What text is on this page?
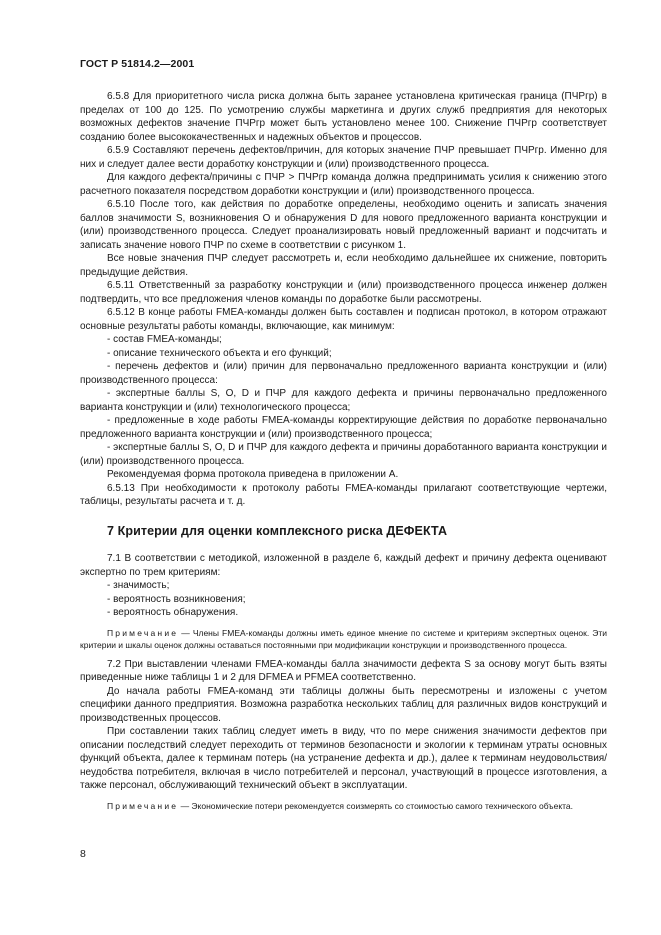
ГОСТ Р 51814.2—2001

6.5.8 Для приоритетного числа риска должна быть заранее установлена критическая граница (ПЧРгр) в пределах от 100 до 125. По усмотрению службы маркетинга и других служб предприятия для некоторых возможных дефектов значение ПЧРгр может быть установлено менее 100. Снижение ПЧРгр соответствует созданию более высококачественных и надежных объектов и процессов.

6.5.9 Составляют перечень дефектов/причин, для которых значение ПЧР превышает ПЧРгр. Именно для них и следует далее вести доработку конструкции и (или) производственного процесса.

Для каждого дефекта/причины с ПЧР > ПЧРгр команда должна предпринимать усилия к снижению этого расчетного показателя посредством доработки конструкции и (или) производственного процесса.

6.5.10 После того, как действия по доработке определены, необходимо оценить и записать значения баллов значимости S, возникновения O и обнаружения D для нового предложенного варианта конструкции и (или) производственного процесса. Следует проанализировать новый предложенный вариант и подсчитать и записать значение нового ПЧР по схеме в соответствии с рисунком 1.

Все новые значения ПЧР следует рассмотреть и, если необходимо дальнейшее их снижение, повторить предыдущие действия.

6.5.11 Ответственный за разработку конструкции и (или) производственного процесса инженер должен подтвердить, что все предложения членов команды по доработке были рассмотрены.

6.5.12 В конце работы FMEA-команды должен быть составлен и подписан протокол, в котором отражают основные результаты работы команды, включающие, как минимум:

- состав FMEA-команды;

- описание технического объекта и его функций;

- перечень дефектов и (или) причин для первоначально предложенного варианта конструкции и (или) производственного процесса:

- экспертные баллы S, O, D и ПЧР для каждого дефекта и причины первоначально предложенного варианта конструкции и (или) технологического процесса;

- предложенные в ходе работы FMEA-команды корректирующие действия по доработке первоначально предложенного варианта конструкции и (или) производственного процесса;

- экспертные баллы S, O, D и ПЧР для каждого дефекта и причины доработанного варианта конструкции и (или) производственного процесса.

Рекомендуемая форма протокола приведена в приложении А.

6.5.13 При необходимости к протоколу работы FMEA-команды прилагают соответствующие чертежи, таблицы, результаты расчета и т. д.

7 Критерии для оценки комплексного риска ДЕФЕКТА

7.1 В соответствии с методикой, изложенной в разделе 6, каждый дефект и причину дефекта оценивают экспертно по трем критериям:

- значимость;

- вероятность возникновения;

- вероятность обнаружения.

Примечание — Члены FMEA-команды должны иметь единое мнение по системе и критериям экспертных оценок. Эти критерии и шкалы оценок должны оставаться постоянными при модификации конструкции и производственного процесса.

7.2 При выставлении членами FMEA-команды балла значимости дефекта S за основу могут быть взяты приведенные ниже таблицы 1 и 2 для DFMEA и PFMEA соответственно.

До начала работы FMEA-команд эти таблицы должны быть пересмотрены и изложены с учетом специфики данного предприятия. Возможна разработка нескольких таблиц для различных видов конструкций и производственных процессов.

При составлении таких таблиц следует иметь в виду, что по мере снижения значимости дефектов при описании последствий следует переходить от терминов безопасности и экологии к терминам утраты основных функций объекта, далее к терминам потерь (на устранение дефекта и др.), далее к терминам неудовольствия/неудобства потребителя, включая в число потребителей и персонал, участвующий в процессе изготовления, а также персонал, обслуживающий технический объект в эксплуатации.

Примечание — Экономические потери рекомендуется соизмерять со стоимостью самого технического объекта.

8
